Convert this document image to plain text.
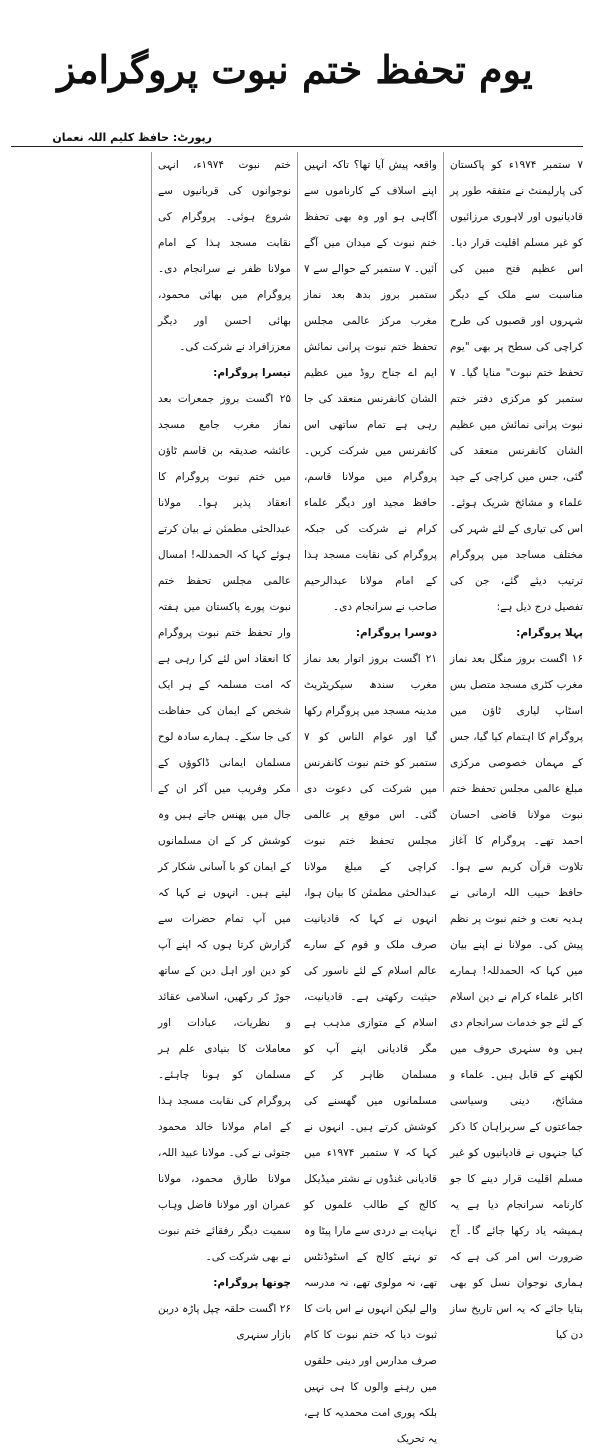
یوم تحفظ ختم نبوت پروگرامز
رپورٹ: حافظ کلیم اللہ نعمان

۷ ستمبر ۱۹۷۴ء کو پاکستان کی پارلیمنٹ نے متفقہ طور پر قادیانیوں اور لاہوری مرزائیوں کو غیر مسلم اقلیت قرار دیا۔ اس عظیم فتح مبین کی مناسبت سے ملک کے دیگر شہروں اور قصبوں کی طرح کراچی کی سطح پر بھی "یوم تحفظ ختم نبوت" منایا گیا۔ ۷ ستمبر کو مرکزی دفتر ختم نبوت پرانی نمائش میں عظیم الشان کانفرنس منعقد کی گئی، جس میں کراچی کے جید علماء و مشائخ شریک ہوئے۔ اس کی تیاری کے لئے شہر کی مختلف مساجد میں پروگرام ترتیب دیئے گئے، جن کی تفصیل درج ذیل ہے:

پہلا پروگرام:

۱۶ اگست بروز منگل بعد نماز مغرب کٹری مسجد متصل بس اسٹاپ لیاری ٹاؤن میں پروگرام کا اہتمام کیا گیا، جس کے مہمان خصوصی مرکزی مبلغ عالمی مجلس تحفظ ختم نبوت مولانا قاضی احسان احمد تھے۔ پروگرام کا آغاز تلاوت قرآن کریم سے ہوا۔ حافظ حبیب اللہ ارمانی نے ہدیہ نعت و ختم نبوت پر نظم پیش کی۔ مولانا نے اپنے بیان میں کہا کہ الحمدللہ! ہمارے اکابر علماء کرام نے دین اسلام کے لئے جو خدمات سرانجام دی ہیں وہ سنہری حروف میں لکھنے کے قابل ہیں۔ علماء و مشائخ، دینی وسیاسی جماعتوں کے سربراہان کا ذکر کیا جنہوں نے قادیانیوں کو غیر مسلم اقلیت قرار دینے کا جو کارنامہ سرانجام دیا ہے یہ ہمیشہ یاد رکھا جائے گا۔ آج ضرورت اس امر کی ہے کہ ہماری نوجوان نسل کو بھی بتایا جائے کہ یہ اس تاریخ ساز دن کیا

واقعہ پیش آیا تھا؟ تاکہ انہیں اپنے اسلاف کے کارناموں سے آگاہی ہو اور وہ بھی تحفظ ختم نبوت کے میدان میں آگے آئیں۔ ۷ ستمبر کے حوالے سے ۷ ستمبر بروز بدھ بعد نماز مغرب مرکز عالمی مجلس تحفظ ختم نبوت پرانی نمائش ایم اے جناح روڈ میں عظیم الشان کانفرنس منعقد کی جا رہی ہے تمام ساتھی اس کانفرنس میں شرکت کریں۔ پروگرام میں مولانا قاسم، حافظ مجید اور دیگر علماء کرام نے شرکت کی جبکہ پروگرام کی نقابت مسجد ہذا کے امام مولانا عبدالرحیم صاحب نے سرانجام دی۔

دوسرا پروگرام:

۲۱ اگست بروز اتوار بعد نماز مغرب سندھ سیکریٹریٹ مدینہ مسجد میں پروگرام رکھا گیا اور عوام الناس کو ۷ ستمبر کو ختم نبوت کانفرنس میں شرکت کی دعوت دی گئی۔ اس موقع پر عالمی مجلس تحفظ ختم نبوت کراچی کے مبلغ مولانا عبدالحئی مطمئن کا بیان ہوا، انہوں نے کہا کہ قادیانیت صرف ملک و قوم کے سارے عالم اسلام کے لئے ناسور کی حیثیت رکھتی ہے۔ قادیانیت، اسلام کے متوازی مذہب ہے مگر قادیانی اپنے آپ کو مسلمان ظاہر کر کے مسلمانوں میں گھسنے کی کوشش کرتے ہیں۔ انہوں نے کہا کہ ۷ ستمبر ۱۹۷۴ء میں قادیانی غنڈوں نے نشتر میڈیکل کالج کے طالب علموں کو نہایت بے دردی سے مارا پیٹا وہ تو نہتے کالج کے اسٹوڈنٹس تھے، نہ مولوی تھے، نہ مدرسہ والے لیکن انہوں نے اس بات کا ثبوت دیا کہ ختم نبوت کا کام صرف مدارس اور دینی حلقوں میں رہنے والوں کا ہی نہیں بلکہ پوری امت محمدیہ کا ہے، یہ تحریک

ختم نبوت ۱۹۷۴ء، انہی نوجوانوں کی قربانیوں سے شروع ہوئی۔ پروگرام کی نقابت مسجد ہذا کے امام مولانا ظفر نے سرانجام دی۔ پروگرام میں بھائی محمود، بھائی احسن اور دیگر معززافراد نے شرکت کی۔

تیسرا پروگرام:

۲۵ اگست بروز جمعرات بعد نماز مغرب جامع مسجد عائشہ صدیقہ بن قاسم ٹاؤن میں ختم نبوت پروگرام کا انعقاد پذیر ہوا۔ مولانا عبدالحئی مطمئن نے بیان کرتے ہوئے کہا کہ الحمدللہ! امسال عالمی مجلس تحفظ ختم نبوت پورے پاکستان میں ہفتہ وار تحفظ ختم نبوت پروگرام کا انعقاد اس لئے کرا رہی ہے کہ امت مسلمہ کے ہر ایک شخص کے ایمان کی حفاظت کی جا سکے۔ ہمارے سادہ لوح مسلمان ایمانی ڈاکوؤں کے مکر وفریب میں آکر ان کے جال میں پھنس جاتے ہیں وہ کوشش کر کے ان مسلمانوں کے ایمان کو با آسانی شکار کر لیتے ہیں۔ انہوں نے کہا کہ میں آپ تمام حضرات سے گزارش کرتا ہوں کہ اپنے آپ کو دین اور اہل دین کے ساتھ جوڑ کر رکھیں، اسلامی عقائد و نظریات، عبادات اور معاملات کا بنیادی علم ہر مسلمان کو ہونا چاہئے۔ پروگرام کی نقابت مسجد ہذا کے امام مولانا خالد محمود جتوئی نے کی۔ مولانا عبید اللہ، مولانا طارق محمود، مولانا عمران اور مولانا فاضل وہاب سمیت دیگر رفقائے ختم نبوت نے بھی شرکت کی۔

چوتھا پروگرام:

۲۶ اگست حلقہ چپل پاڑہ دربن بازار سنہری
